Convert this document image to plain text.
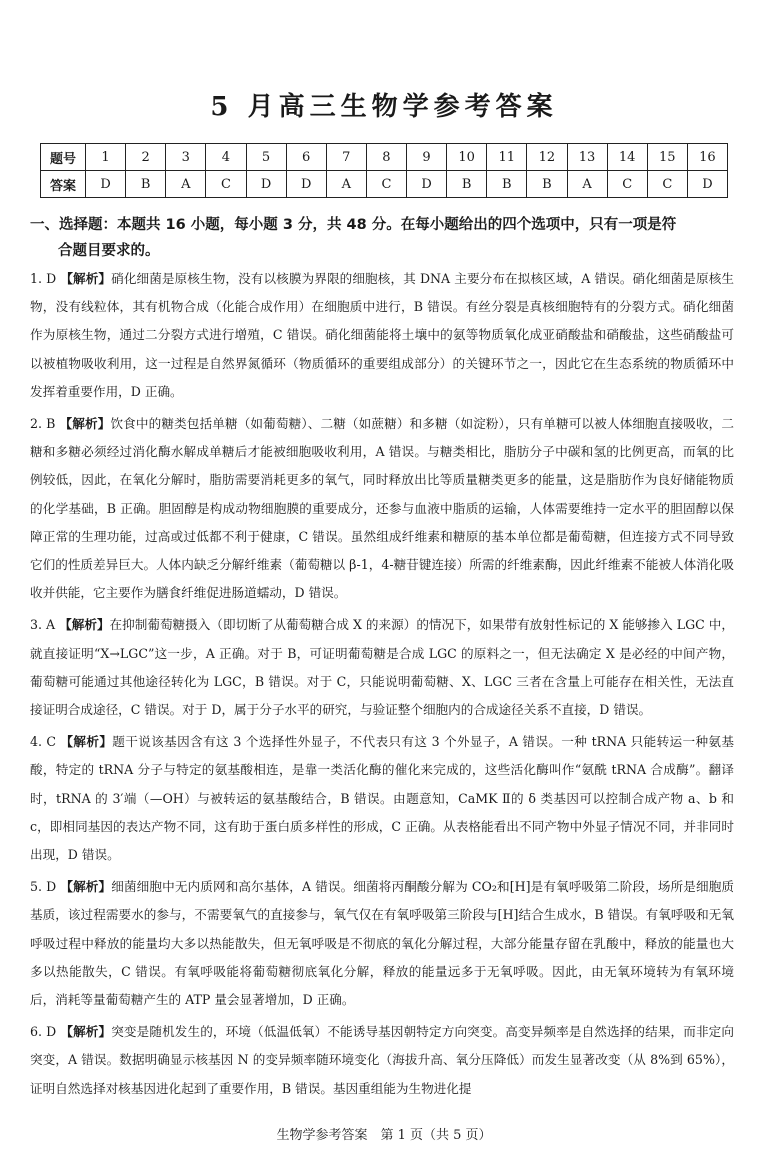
5 月高三生物学参考答案
题号	1	2	3	4	5	6	7	8	9	10	11	12	13	14	15	16
答案	D	B	A	C	D	D	A	C	D	B	B	B	A	C	C	D
一、选择题：本题共 16 小题，每小题 3 分，共 48 分。在每小题给出的四个选项中，只有一项是符
合题目要求的。
1. D 【解析】硝化细菌是原核生物，没有以核膜为界限的细胞核，其 DNA 主要分布在拟核区域，A 错误。硝化细菌是原核生物，没有线粒体，其有机物合成（化能合成作用）在细胞质中进行，B 错误。有丝分裂是真核细胞特有的分裂方式。硝化细菌作为原核生物，通过二分裂方式进行增殖，C 错误。硝化细菌能将土壤中的氨等物质氧化成亚硝酸盐和硝酸盐，这些硝酸盐可以被植物吸收利用，这一过程是自然界氮循环（物质循环的重要组成部分）的关键环节之一，因此它在生态系统的物质循环中发挥着重要作用，D 正确。
2. B 【解析】饮食中的糖类包括单糖（如葡萄糖）、二糖（如蔗糖）和多糖（如淀粉），只有单糖可以被人体细胞直接吸收，二糖和多糖必须经过消化酶水解成单糖后才能被细胞吸收利用，A 错误。与糖类相比，脂肪分子中碳和氢的比例更高，而氧的比例较低，因此，在氧化分解时，脂肪需要消耗更多的氧气，同时释放出比等质量糖类更多的能量，这是脂肪作为良好储能物质的化学基础，B 正确。胆固醇是构成动物细胞膜的重要成分，还参与血液中脂质的运输，人体需要维持一定水平的胆固醇以保障正常的生理功能，过高或过低都不利于健康，C 错误。虽然组成纤维素和糖原的基本单位都是葡萄糖，但连接方式不同导致它们的性质差异巨大。人体内缺乏分解纤维素（葡萄糖以 β-1，4-糖苷键连接）所需的纤维素酶，因此纤维素不能被人体消化吸收并供能，它主要作为膳食纤维促进肠道蠕动，D 错误。
3. A 【解析】在抑制葡萄糖摄入（即切断了从葡萄糖合成 X 的来源）的情况下，如果带有放射性标记的 X 能够掺入 LGC 中，就直接证明“X→LGC”这一步，A 正确。对于 B，可证明葡萄糖是合成 LGC 的原料之一，但无法确定 X 是必经的中间产物，葡萄糖可能通过其他途径转化为 LGC，B 错误。对于 C，只能说明葡萄糖、X、LGC 三者在含量上可能存在相关性，无法直接证明合成途径，C 错误。对于 D，属于分子水平的研究，与验证整个细胞内的合成途径关系不直接，D 错误。
4. C 【解析】题干说该基因含有这 3 个选择性外显子，不代表只有这 3 个外显子，A 错误。一种 tRNA 只能转运一种氨基酸，特定的 tRNA 分子与特定的氨基酸相连，是靠一类活化酶的催化来完成的，这些活化酶叫作“氨酰 tRNA 合成酶”。翻译时，tRNA 的 3′端（—OH）与被转运的氨基酸结合，B 错误。由题意知，CaMK Ⅱ的 δ 类基因可以控制合成产物 a、b 和 c，即相同基因的表达产物不同，这有助于蛋白质多样性的形成，C 正确。从表格能看出不同产物中外显子情况不同，并非同时出现，D 错误。
5. D 【解析】细菌细胞中无内质网和高尔基体，A 错误。细菌将丙酮酸分解为 CO₂和[H]是有氧呼吸第二阶段，场所是细胞质基质，该过程需要水的参与，不需要氧气的直接参与，氧气仅在有氧呼吸第三阶段与[H]结合生成水，B 错误。有氧呼吸和无氧呼吸过程中释放的能量均大多以热能散失，但无氧呼吸是不彻底的氧化分解过程，大部分能量存留在乳酸中，释放的能量也大多以热能散失，C 错误。有氧呼吸能将葡萄糖彻底氧化分解，释放的能量远多于无氧呼吸。因此，由无氧环境转为有氧环境后，消耗等量葡萄糖产生的 ATP 量会显著增加，D 正确。
6. D 【解析】突变是随机发生的，环境（低温低氧）不能诱导基因朝特定方向突变。高变异频率是自然选择的结果，而非定向突变，A 错误。数据明确显示核基因 N 的变异频率随环境变化（海拔升高、氧分压降低）而发生显著改变（从 8%到 65%），证明自然选择对核基因进化起到了重要作用，B 错误。基因重组能为生物进化提
生物学参考答案　第 1 页（共 5 页）
